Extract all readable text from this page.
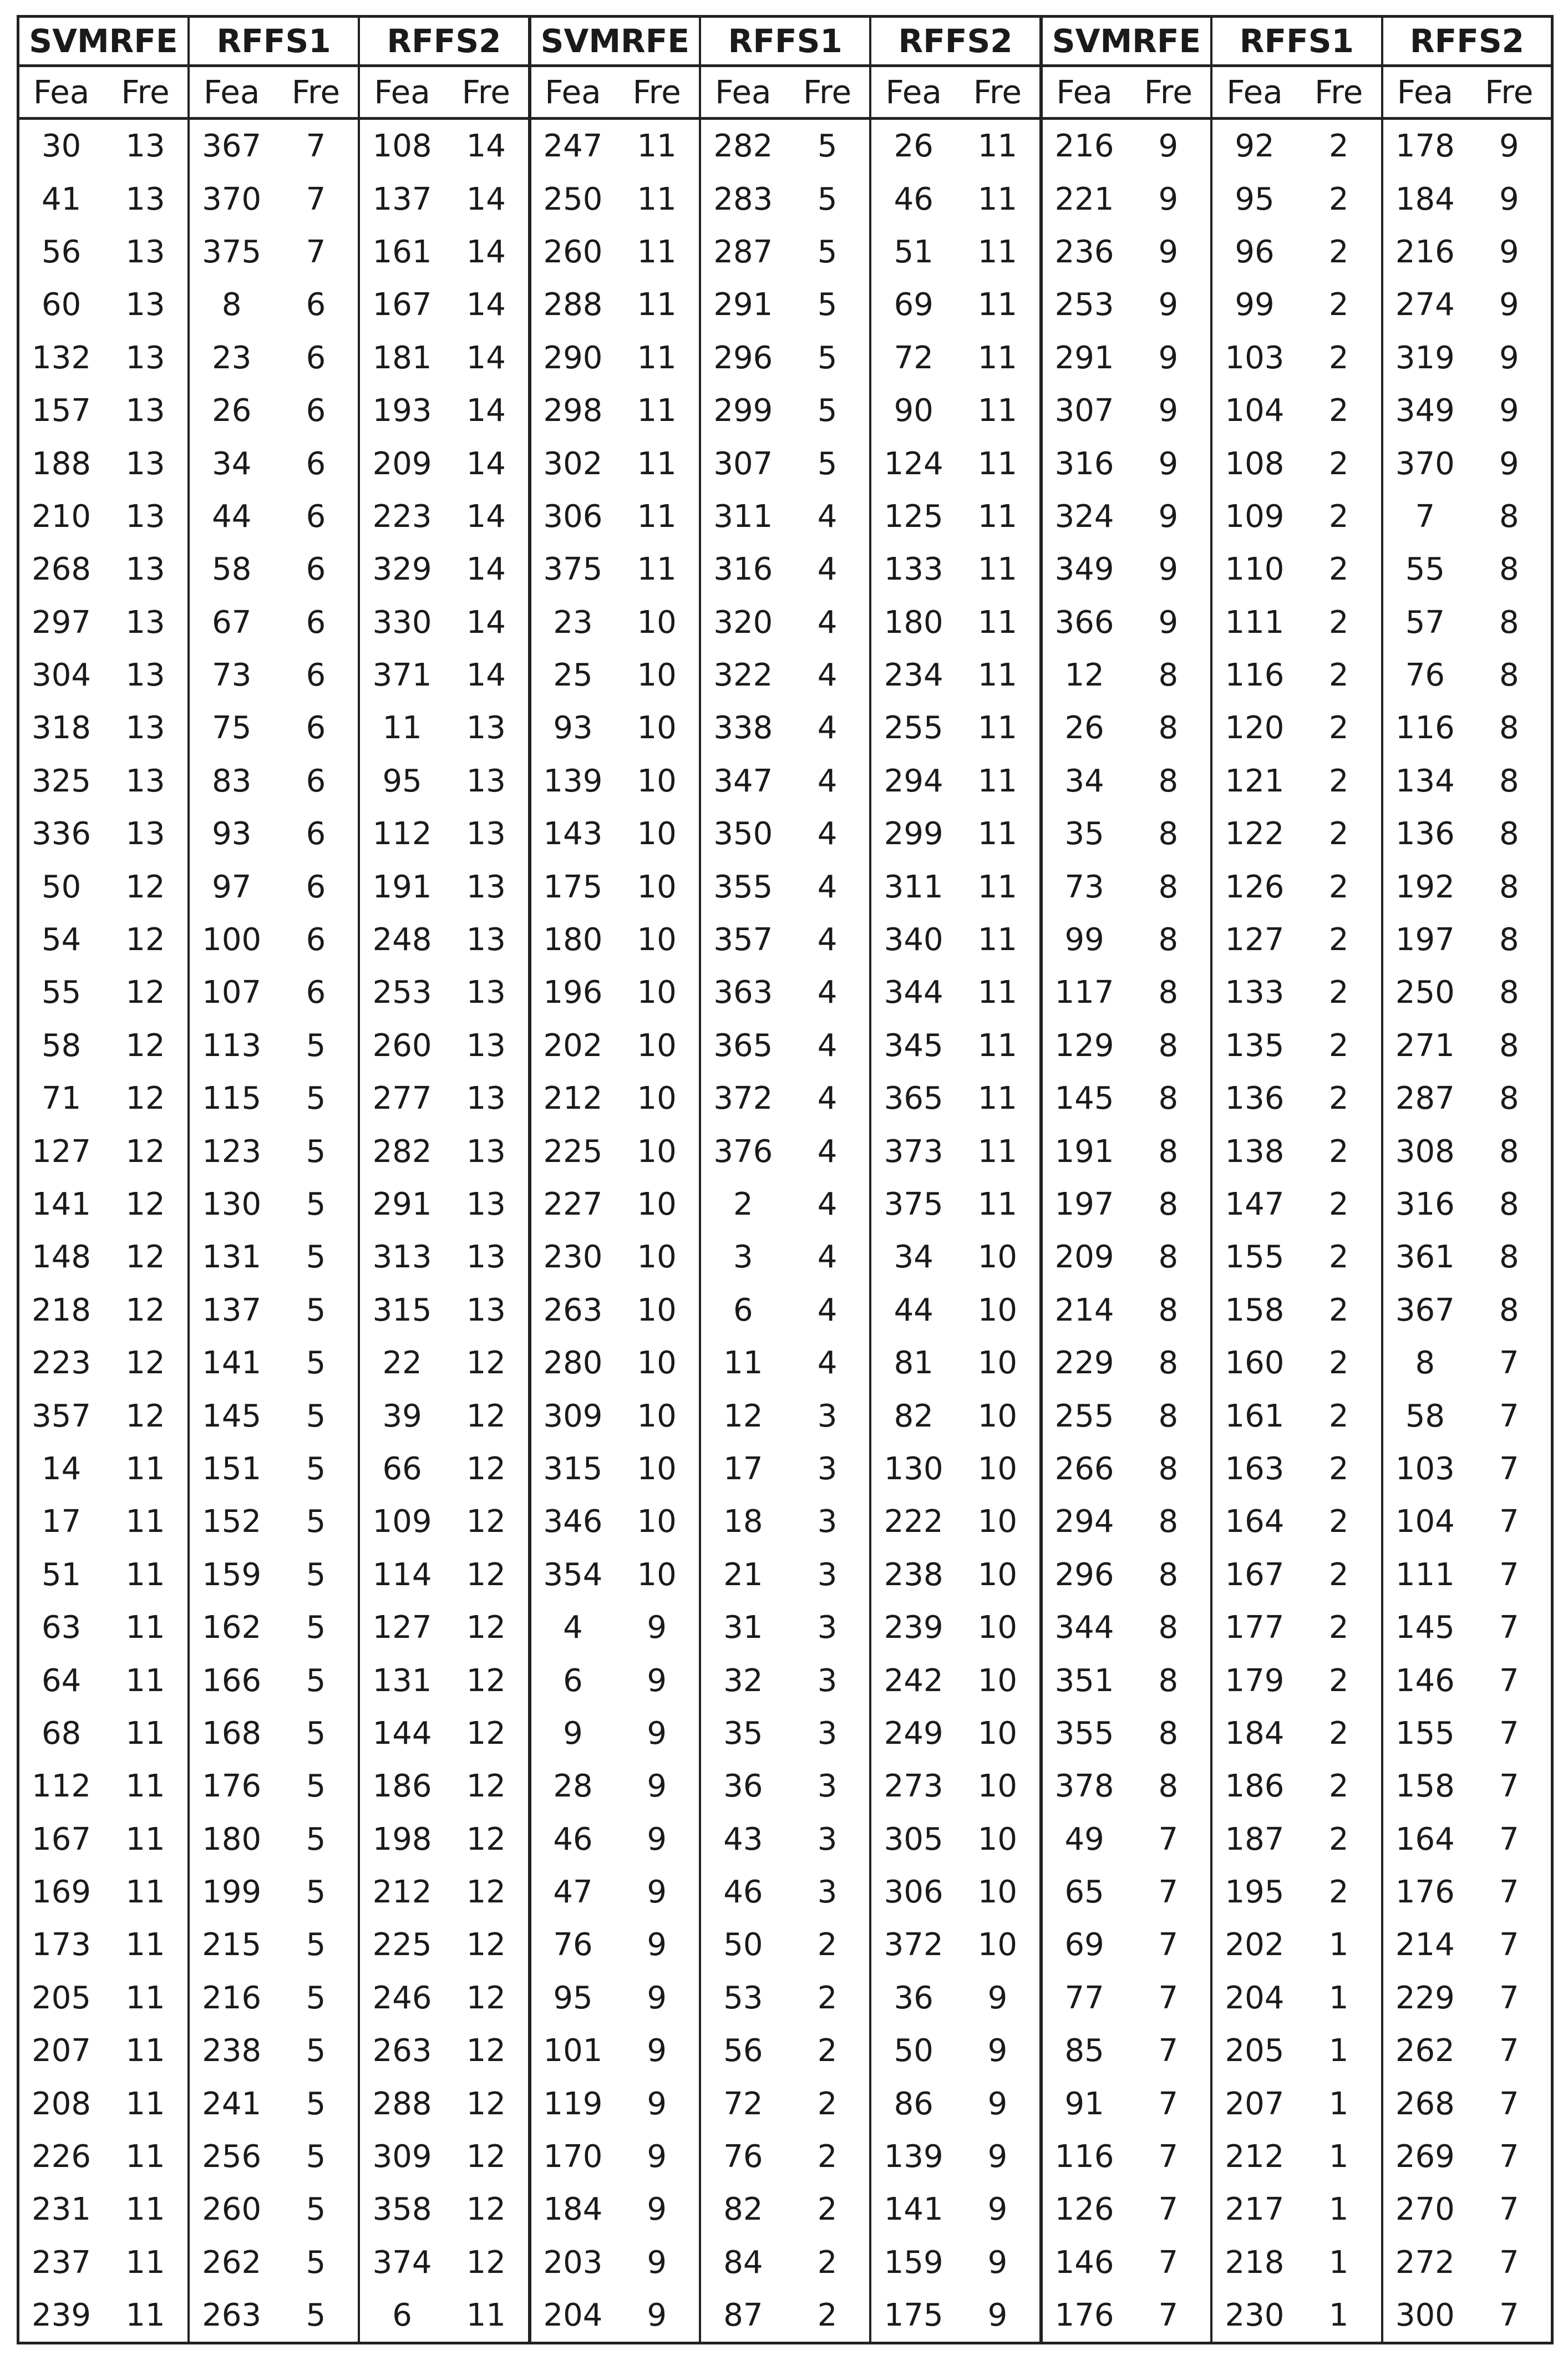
SVMRFE		RFFS1		RFFS2		SVMRFE		RFFS1		RFFS2		SVMRFE		RFFS1		RFFS2	
Fea	Fre	Fea	Fre	Fea	Fre	Fea	Fre	Fea	Fre	Fea	Fre	Fea	Fre	Fea	Fre	Fea	Fre
30	13	367	7	108	14	247	11	282	5	26	11	216	9	92	2	178	9
41	13	370	7	137	14	250	11	283	5	46	11	221	9	95	2	184	9
56	13	375	7	161	14	260	11	287	5	51	11	236	9	96	2	216	9
60	13	8	6	167	14	288	11	291	5	69	11	253	9	99	2	274	9
132	13	23	6	181	14	290	11	296	5	72	11	291	9	103	2	319	9
157	13	26	6	193	14	298	11	299	5	90	11	307	9	104	2	349	9
188	13	34	6	209	14	302	11	307	5	124	11	316	9	108	2	370	9
210	13	44	6	223	14	306	11	311	4	125	11	324	9	109	2	7	8
268	13	58	6	329	14	375	11	316	4	133	11	349	9	110	2	55	8
297	13	67	6	330	14	23	10	320	4	180	11	366	9	111	2	57	8
304	13	73	6	371	14	25	10	322	4	234	11	12	8	116	2	76	8
318	13	75	6	11	13	93	10	338	4	255	11	26	8	120	2	116	8
325	13	83	6	95	13	139	10	347	4	294	11	34	8	121	2	134	8
336	13	93	6	112	13	143	10	350	4	299	11	35	8	122	2	136	8
50	12	97	6	191	13	175	10	355	4	311	11	73	8	126	2	192	8
54	12	100	6	248	13	180	10	357	4	340	11	99	8	127	2	197	8
55	12	107	6	253	13	196	10	363	4	344	11	117	8	133	2	250	8
58	12	113	5	260	13	202	10	365	4	345	11	129	8	135	2	271	8
71	12	115	5	277	13	212	10	372	4	365	11	145	8	136	2	287	8
127	12	123	5	282	13	225	10	376	4	373	11	191	8	138	2	308	8
141	12	130	5	291	13	227	10	2	4	375	11	197	8	147	2	316	8
148	12	131	5	313	13	230	10	3	4	34	10	209	8	155	2	361	8
218	12	137	5	315	13	263	10	6	4	44	10	214	8	158	2	367	8
223	12	141	5	22	12	280	10	11	4	81	10	229	8	160	2	8	7
357	12	145	5	39	12	309	10	12	3	82	10	255	8	161	2	58	7
14	11	151	5	66	12	315	10	17	3	130	10	266	8	163	2	103	7
17	11	152	5	109	12	346	10	18	3	222	10	294	8	164	2	104	7
51	11	159	5	114	12	354	10	21	3	238	10	296	8	167	2	111	7
63	11	162	5	127	12	4	9	31	3	239	10	344	8	177	2	145	7
64	11	166	5	131	12	6	9	32	3	242	10	351	8	179	2	146	7
68	11	168	5	144	12	9	9	35	3	249	10	355	8	184	2	155	7
112	11	176	5	186	12	28	9	36	3	273	10	378	8	186	2	158	7
167	11	180	5	198	12	46	9	43	3	305	10	49	7	187	2	164	7
169	11	199	5	212	12	47	9	46	3	306	10	65	7	195	2	176	7
173	11	215	5	225	12	76	9	50	2	372	10	69	7	202	1	214	7
205	11	216	5	246	12	95	9	53	2	36	9	77	7	204	1	229	7
207	11	238	5	263	12	101	9	56	2	50	9	85	7	205	1	262	7
208	11	241	5	288	12	119	9	72	2	86	9	91	7	207	1	268	7
226	11	256	5	309	12	170	9	76	2	139	9	116	7	212	1	269	7
231	11	260	5	358	12	184	9	82	2	141	9	126	7	217	1	270	7
237	11	262	5	374	12	203	9	84	2	159	9	146	7	218	1	272	7
239	11	263	5	6	11	204	9	87	2	175	9	176	7	230	1	300	7
